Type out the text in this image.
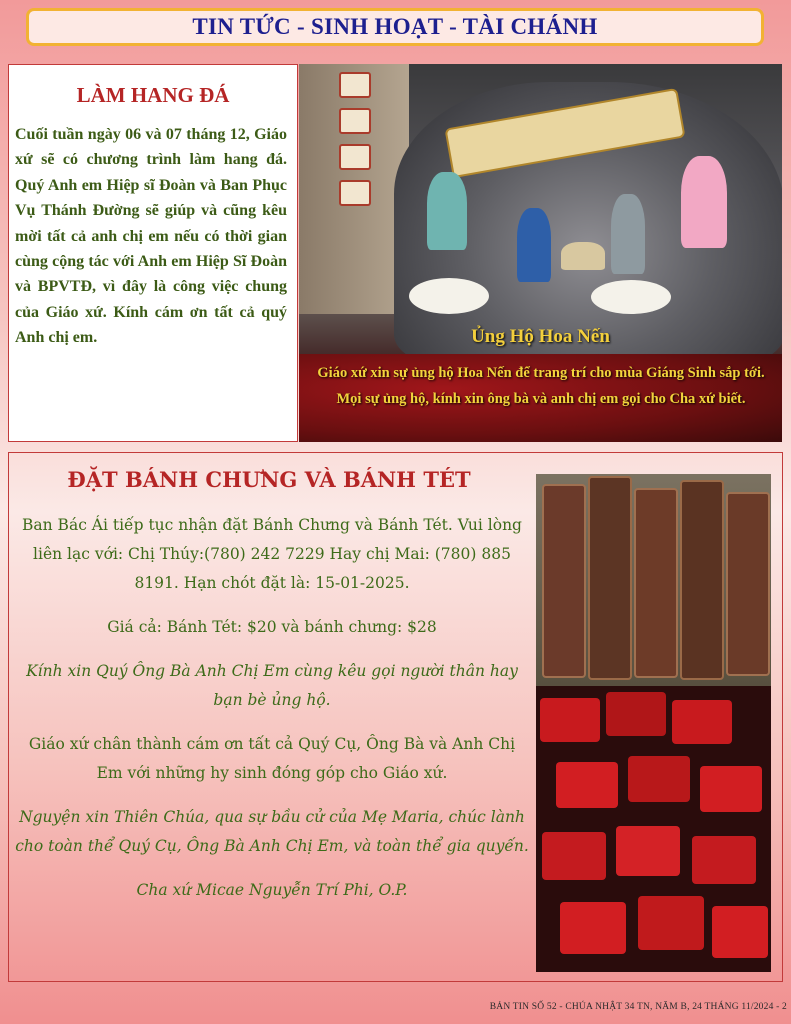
TIN TỨC - SINH HOẠT - TÀI CHÁNH
LÀM HANG ĐÁ

Cuối tuần ngày 06 và 07 tháng 12, Giáo xứ sẽ có chương trình làm hang đá. Quý Anh em Hiệp sĩ Đoàn và Ban Phục Vụ Thánh Đường sẽ giúp và cũng kêu mời tất cả anh chị em nếu có thời gian cùng cộng tác với Anh em Hiệp Sĩ Đoàn và BPVTĐ, vì đây là công việc chung của Giáo xứ. Kính cám ơn tất cả quý Anh chị em.	Ủng Hộ Hoa Nến

Giáo xứ xin sự ủng hộ Hoa Nến để trang trí cho mùa Giáng Sinh sắp tới. Mọi sự ủng hộ, kính xin ông bà và anh chị em gọi cho Cha xứ biết.

ĐẶT BÁNH CHƯNG VÀ BÁNH TÉT

Ban Bác Ái tiếp tục nhận đặt Bánh Chưng và Bánh Tét. Vui lòng liên lạc với: Chị Thúy:(780) 242 7229 Hay chị Mai: (780) 885 8191. Hạn chót đặt là: 15-01-2025.

Giá cả: Bánh Tét: $20 và bánh chưng: $28

Kính xin Quý Ông Bà Anh Chị Em cùng kêu gọi người thân hay bạn bè ủng hộ.

Giáo xứ chân thành cám ơn tất cả Quý Cụ, Ông Bà và Anh Chị Em với những hy sinh đóng góp cho Giáo xứ.

Nguyện xin Thiên Chúa, qua sự bầu cử của Mẹ Maria, chúc lành cho toàn thể Quý Cụ, Ông Bà Anh Chị Em, và toàn thể gia quyến.

Cha xứ Micae Nguyễn Trí Phi, O.P.

BẢN TIN SỐ 52 - CHÚA NHẬT 34 TN, NĂM B, 24 THÁNG 11/2024 - 2
